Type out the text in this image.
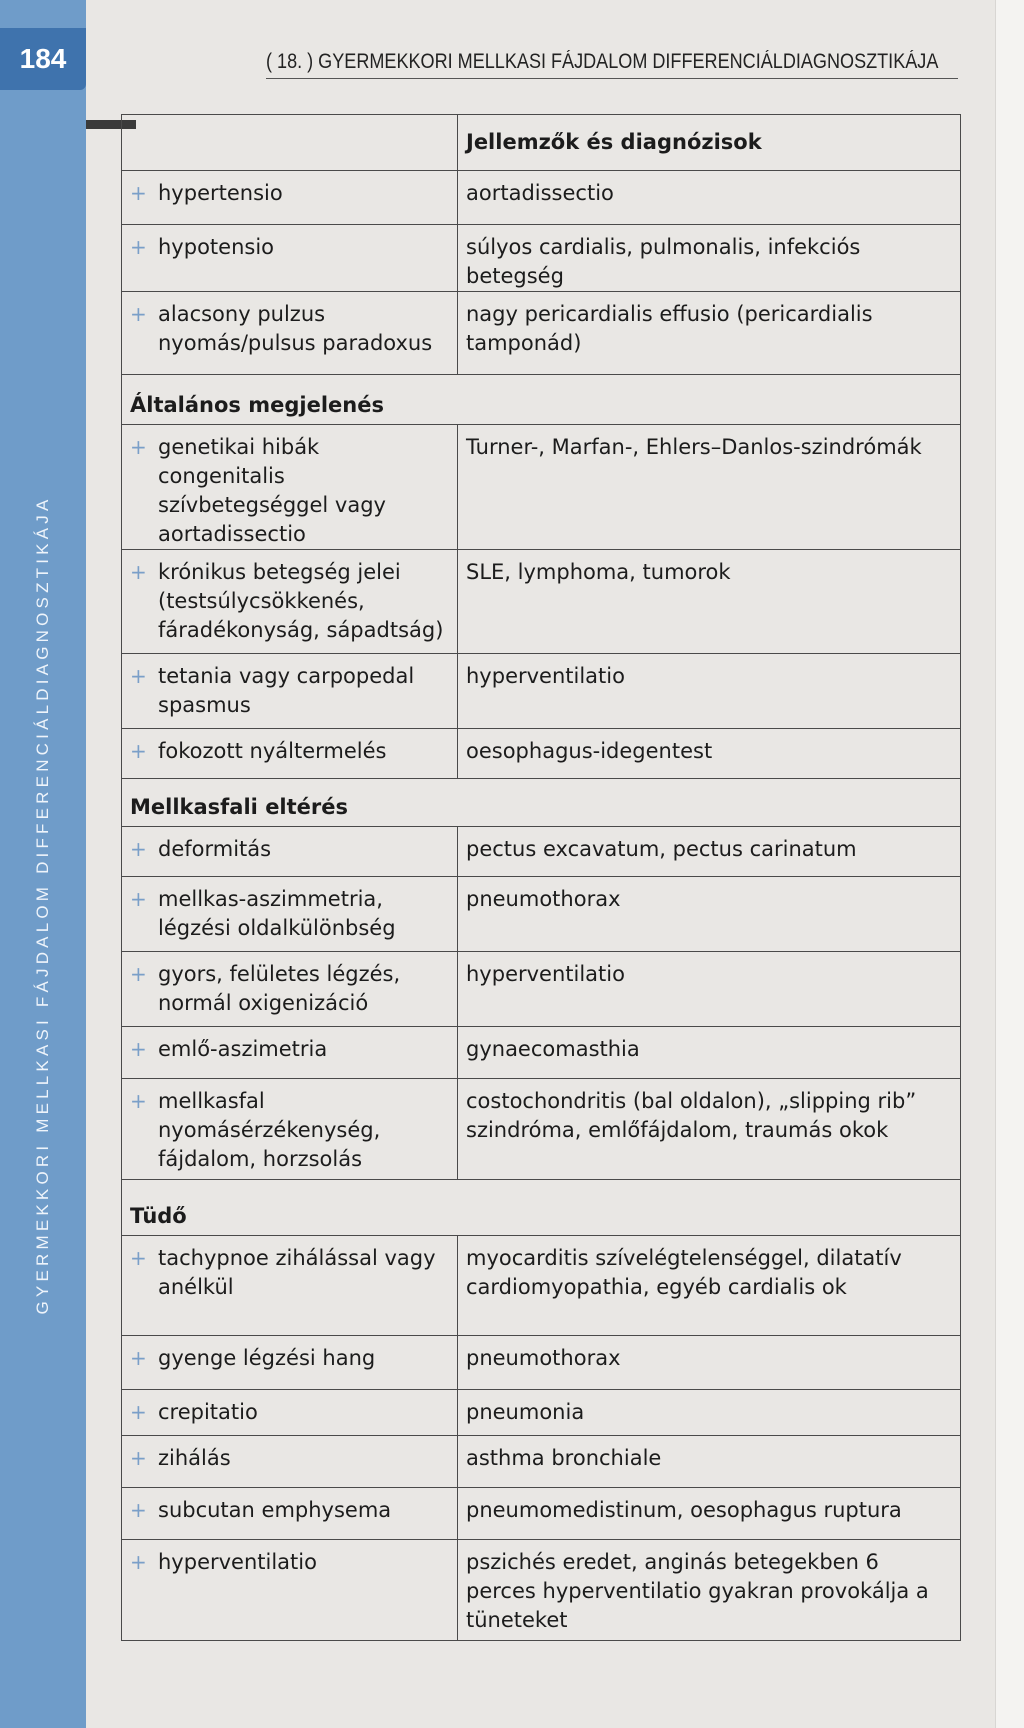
184
GYERMEKKORI MELLKASI FÁJDALOM DIFFERENCIÁLDIAGNOSZTIKÁJA
( 18. ) GYERMEKKORI MELLKASI FÁJDALOM DIFFERENCIÁLDIAGNOSZTIKÁJA
	Jellemzők és diagnózisok

+ hypertensio	aortadissectio

+ hypotensio	súlyos cardialis, pulmonalis, infekciós betegség

+ alacsony pulzus nyomás/pulsus paradoxus	nagy pericardialis effusio (pericardialis tamponád)
Általános megjelenés	

+ genetikai hibák congenitalis szívbetegséggel vagy aortadissectio	Turner-, Marfan-, Ehlers–Danlos-szindrómák

+ krónikus betegség jelei (testsúlycsökkenés, fáradékonyság, sápadtság)	SLE, lymphoma, tumorok

+ tetania vagy carpopedal spasmus	hyperventilatio

+ fokozott nyáltermelés	oesophagus-idegentest
Mellkasfali eltérés	

+ deformitás	pectus excavatum, pectus carinatum

+ mellkas-aszimmetria, légzési oldalkülönbség	pneumothorax

+ gyors, felületes légzés, normál oxigenizáció	hyperventilatio

+ emlő-aszimetria	gynaecomasthia

+ mellkasfal nyomásérzékenység, fájdalom, horzsolás	costochondritis (bal oldalon), „slipping rib” szindróma, emlőfájdalom, traumás okok
Tüdő	

+ tachypnoe zihálással vagy anélkül	myocarditis szívelégtelenséggel, dilatatív cardiomyopathia, egyéb cardialis ok

+ gyenge légzési hang	pneumothorax

+ crepitatio	pneumonia

+ zihálás	asthma bronchiale

+ subcutan emphysema	pneumomedistinum, oesophagus ruptura

+ hyperventilatio	pszichés eredet, anginás betegekben 6 perces hyperventilatio gyakran provokálja a tüneteket
